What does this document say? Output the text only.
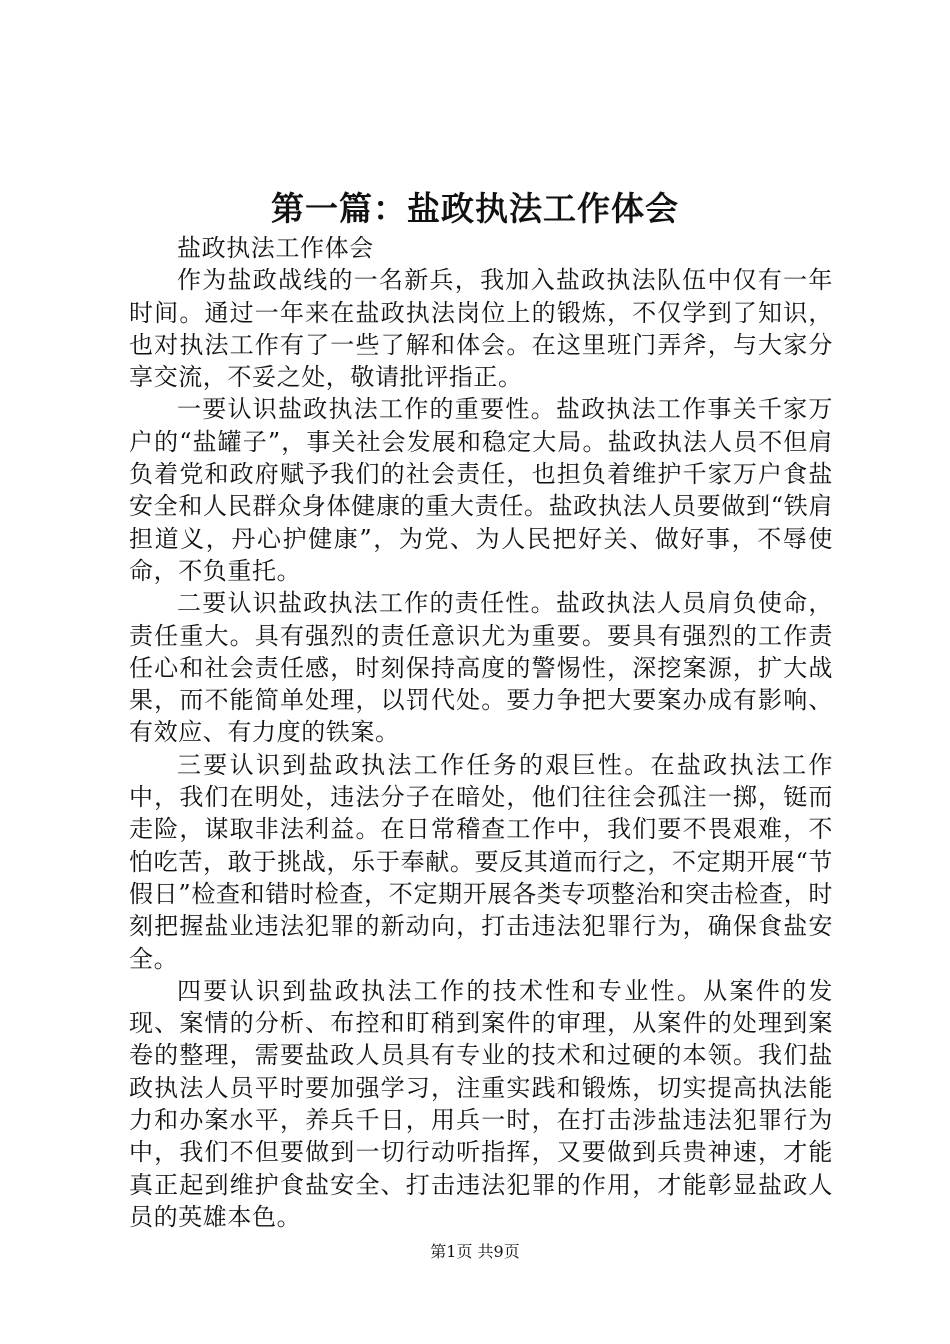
第一篇：盐政执法工作体会

盐政执法工作体会

作为盐政战线的一名新兵，我加入盐政执法队伍中仅有一年时间。通过一年来在盐政执法岗位上的锻炼，不仅学到了知识，也对执法工作有了一些了解和体会。在这里班门弄斧，与大家分享交流，不妥之处，敬请批评指正。

一要认识盐政执法工作的重要性。盐政执法工作事关千家万户的“盐罐子”，事关社会发展和稳定大局。盐政执法人员不但肩负着党和政府赋予我们的社会责任，也担负着维护千家万户食盐安全和人民群众身体健康的重大责任。盐政执法人员要做到“铁肩担道义，丹心护健康”，为党、为人民把好关、做好事，不辱使命，不负重托。

二要认识盐政执法工作的责任性。盐政执法人员肩负使命，责任重大。具有强烈的责任意识尤为重要。要具有强烈的工作责任心和社会责任感，时刻保持高度的警惕性，深挖案源，扩大战果，而不能简单处理，以罚代处。要力争把大要案办成有影响、有效应、有力度的铁案。

三要认识到盐政执法工作任务的艰巨性。在盐政执法工作中，我们在明处，违法分子在暗处，他们往往会孤注一掷，铤而走险，谋取非法利益。在日常稽查工作中，我们要不畏艰难，不怕吃苦，敢于挑战，乐于奉献。要反其道而行之，不定期开展“节假日”检查和错时检查，不定期开展各类专项整治和突击检查，时刻把握盐业违法犯罪的新动向，打击违法犯罪行为，确保食盐安全。

四要认识到盐政执法工作的技术性和专业性。从案件的发现、案情的分析、布控和盯稍到案件的审理，从案件的处理到案卷的整理，需要盐政人员具有专业的技术和过硬的本领。我们盐政执法人员平时要加强学习，注重实践和锻炼，切实提高执法能力和办案水平，养兵千日，用兵一时，在打击涉盐违法犯罪行为中，我们不但要做到一切行动听指挥，又要做到兵贵神速，才能真正起到维护食盐安全、打击违法犯罪的作用，才能彰显盐政人员的英雄本色。

第1页 共9页
